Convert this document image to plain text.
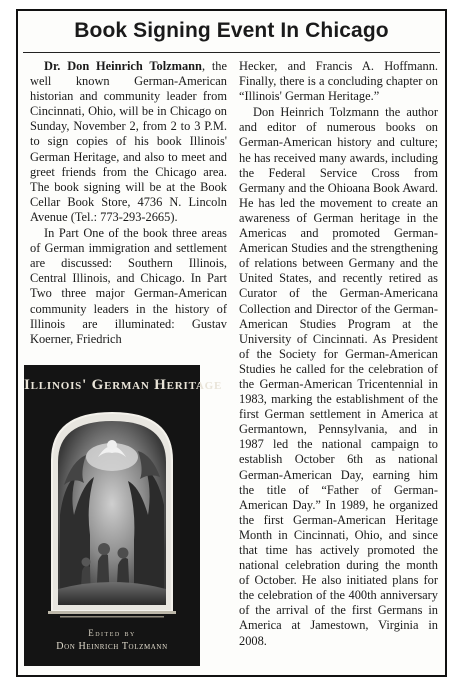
Book Signing Event In Chicago

Dr. Don Heinrich Tolzmann, the well known German-American historian and community leader from Cincinnati, Ohio, will be in Chicago on Sunday, November 2, from 2 to 3 P.M. to sign copies of his book Illinois' German Heritage, and also to meet and greet friends from the Chicago area. The book signing will be at the Book Cellar Book Store, 4736 N. Lincoln Avenue (Tel.: 773-293-2665).

In Part One of the book three areas of German immigration and settlement are discussed: Southern Illinois, Central Illinois, and Chicago. In Part Two three major German-American community leaders in the history of Illinois are illuminated: Gustav Koerner, Friedrich

Illinois' German Heritage
Edited by
Don Heinrich Tolzmann

Hecker, and Francis A. Hoffmann. Finally, there is a concluding chapter on “Illinois' German Heritage.”

Don Heinrich Tolzmann the author and editor of numerous books on German-American history and culture; he has received many awards, including the Federal Service Cross from Germany and the Ohioana Book Award. He has led the movement to create an awareness of German heritage in the Americas and promoted German-American Studies and the strengthening of relations between Germany and the United States, and recently retired as Curator of the German-Americana Collection and Director of the German-American Studies Program at the University of Cincinnati. As President of the Society for German-American Studies he called for the celebration of the German-American Tricentennial in 1983, marking the establishment of the first German settlement in America at Germantown, Pennsylvania, and in 1987 led the national campaign to establish October 6th as national German-American Day, earning him the title of “Father of German-American Day.” In 1989, he organized the first German-American Heritage Month in Cincinnati, Ohio, and since that time has actively promoted the national celebration during the month of October. He also initiated plans for the celebration of the 400th anniversary of the arrival of the first Germans in America at Jamestown, Virginia in 2008.
